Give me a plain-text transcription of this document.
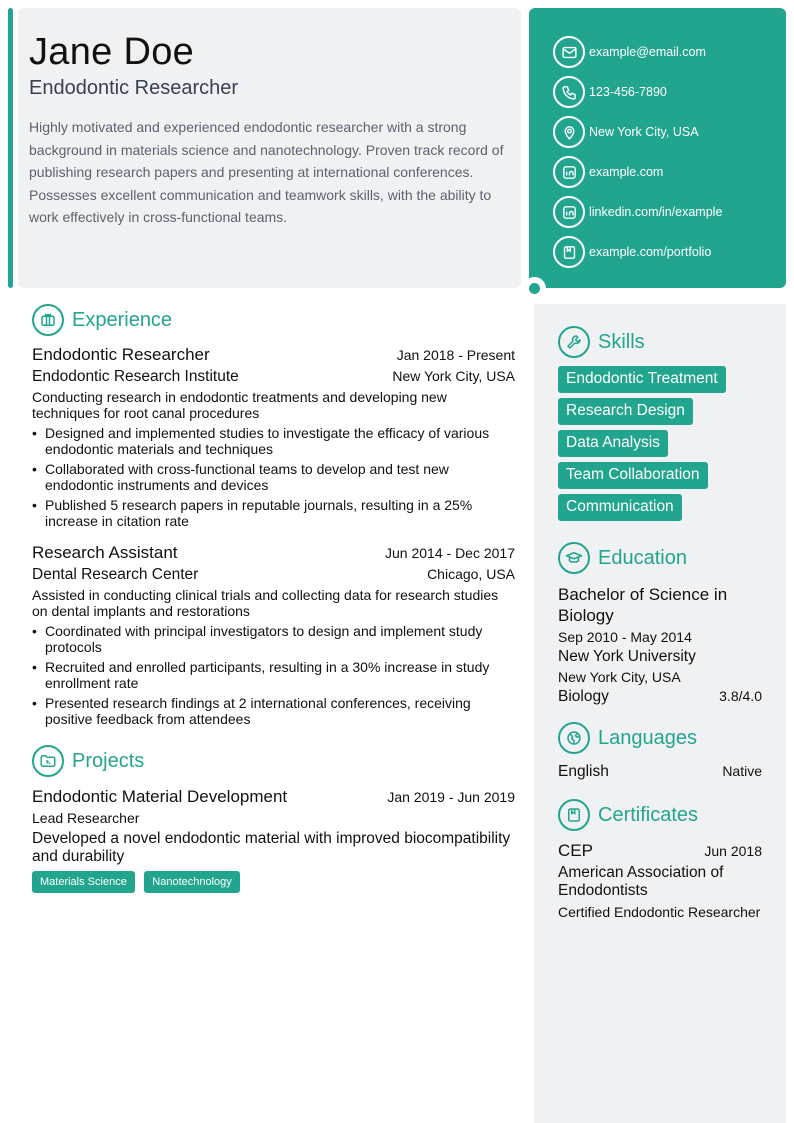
Jane Doe
Endodontic Researcher
Highly motivated and experienced endodontic researcher with a strong background in materials science and nanotechnology. Proven track record of publishing research papers and presenting at international conferences. Possesses excellent communication and teamwork skills, with the ability to work effectively in cross-functional teams.
example@email.com
123-456-7890
New York City, USA
example.com
linkedin.com/in/example
example.com/portfolio
Experience
Endodontic Researcher	Jan 2018 - Present
Endodontic Research Institute	New York City, USA
Conducting research in endodontic treatments and developing new techniques for root canal procedures
• Designed and implemented studies to investigate the efficacy of various endodontic materials and techniques
• Collaborated with cross-functional teams to develop and test new endodontic instruments and devices
• Published 5 research papers in reputable journals, resulting in a 25% increase in citation rate
Research Assistant	Jun 2014 - Dec 2017
Dental Research Center	Chicago, USA
Assisted in conducting clinical trials and collecting data for research studies on dental implants and restorations
• Coordinated with principal investigators to design and implement study protocols
• Recruited and enrolled participants, resulting in a 30% increase in study enrollment rate
• Presented research findings at 2 international conferences, receiving positive feedback from attendees
Projects
Endodontic Material Development	Jan 2019 - Jun 2019
Lead Researcher
Developed a novel endodontic material with improved biocompatibility and durability
Materials Science Nanotechnology
Skills
Endodontic Treatment
Research Design
Data Analysis
Team Collaboration
Communication
Education
Bachelor of Science in Biology
Sep 2010 - May 2014
New York University
New York City, USA
Biology	3.8/4.0
Languages
English	Native
Certificates
CEP	Jun 2018
American Association of Endodontists
Certified Endodontic Researcher
